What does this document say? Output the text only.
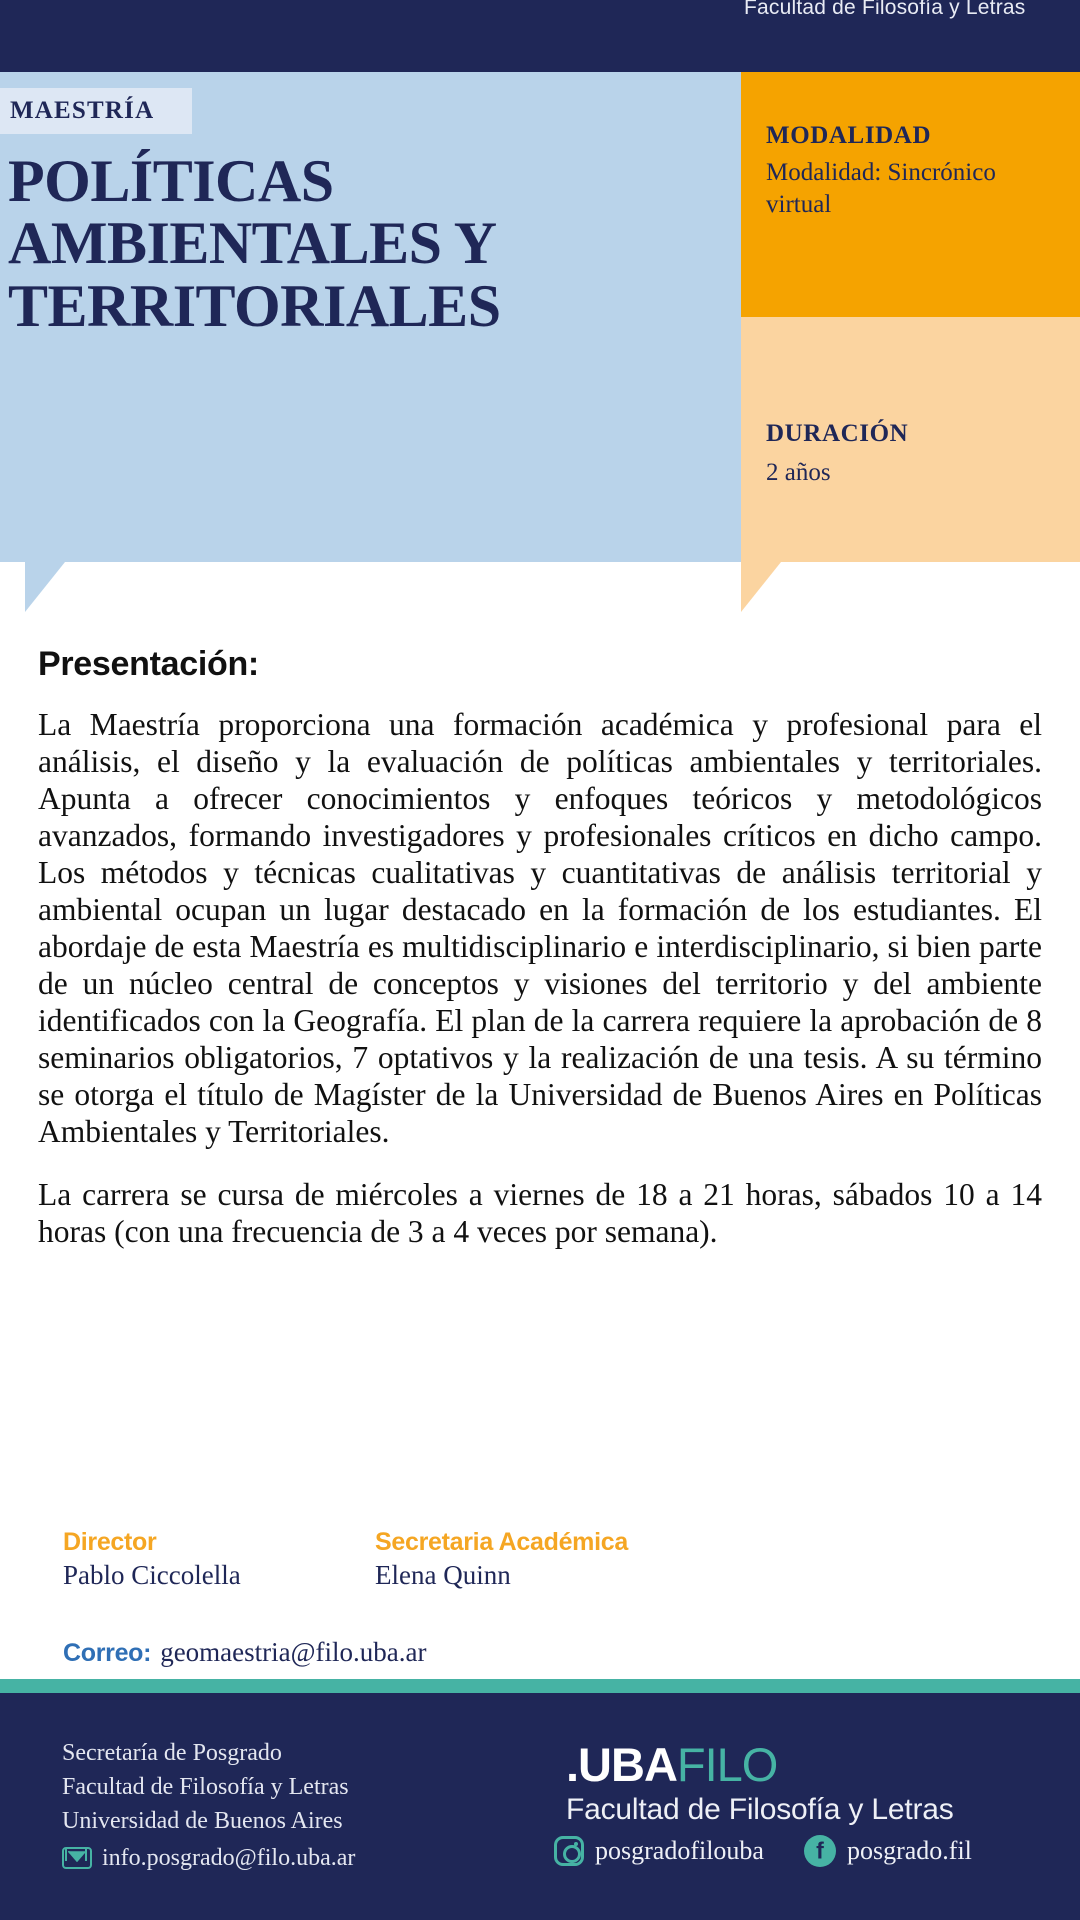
Facultad de Filosofía y Letras
MAESTRÍA
POLÍTICAS AMBIENTALES Y TERRITORIALES
MODALIDAD
Modalidad: Sincrónico virtual
DURACIÓN
2 años
Presentación:

La Maestría proporciona una formación académica y profesional para el análisis, el diseño y la evaluación de políticas ambientales y territoriales. Apunta a ofrecer conocimientos y enfoques teóricos y metodológicos avanzados, formando investigadores y profesionales críticos en dicho campo. Los métodos y técnicas cualitativas y cuantitativas de análisis territorial y ambiental ocupan un lugar destacado en la formación de los estudiantes. El abordaje de esta Maestría es multidisciplinario e interdisciplinario, si bien parte de un núcleo central de conceptos y visiones del territorio y del ambiente identificados con la Geografía. El plan de la carrera requiere la aprobación de 8 seminarios obligatorios, 7 optativos y la realización de una tesis. A su término se otorga el título de Magíster de la Universidad de Buenos Aires en Políticas Ambientales y Territoriales.

La carrera se cursa de miércoles a viernes de 18 a 21 horas, sábados 10 a 14 horas (con una frecuencia de 3 a 4 veces por semana).

Director
Pablo Ciccolella
Secretaria Académica
Elena Quinn
Correo: geomaestria@filo.uba.ar
Secretaría de Posgrado
Facultad de Filosofía y Letras
Universidad de Buenos Aires
info.posgrado@filo.uba.ar
.UBAFILO
Facultad de Filosofía y Letras
posgradofilouba f	posgrado.fil
